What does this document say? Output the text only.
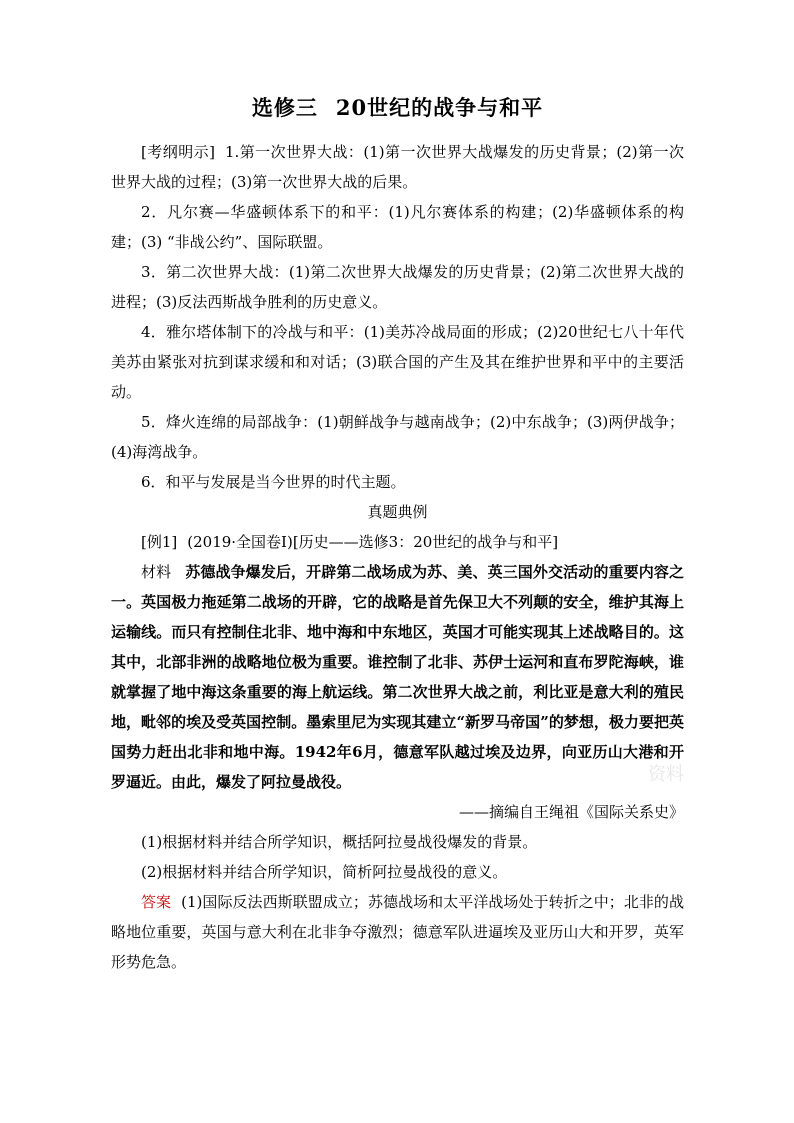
选修三 20世纪的战争与和平

[考纲明示] 1.第一次世界大战：(1)第一次世界大战爆发的历史背景；(2)第一次世界大战的过程；(3)第一次世界大战的后果。

2．凡尔赛—华盛顿体系下的和平：(1)凡尔赛体系的构建；(2)华盛顿体系的构建；(3) “非战公约”、国际联盟。

3．第二次世界大战：(1)第二次世界大战爆发的历史背景；(2)第二次世界大战的进程；(3)反法西斯战争胜利的历史意义。

4．雅尔塔体制下的冷战与和平：(1)美苏冷战局面的形成；(2)20世纪七八十年代美苏由紧张对抗到谋求缓和和对话；(3)联合国的产生及其在维护世界和平中的主要活动。

5．烽火连绵的局部战争：(1)朝鲜战争与越南战争；(2)中东战争；(3)两伊战争；(4)海湾战争。

6．和平与发展是当今世界的时代主题。

真题典例

[例1] (2019·全国卷Ⅰ)[历史——选修3：20世纪的战争与和平]

材料 苏德战争爆发后，开辟第二战场成为苏、美、英三国外交活动的重要内容之一。英国极力拖延第二战场的开辟，它的战略是首先保卫大不列颠的安全，维护其海上运输线。而只有控制住北非、地中海和中东地区，英国才可能实现其上述战略目的。这其中，北部非洲的战略地位极为重要。谁控制了北非、苏伊士运河和直布罗陀海峡，谁就掌握了地中海这条重要的海上航运线。第二次世界大战之前，利比亚是意大利的殖民地，毗邻的埃及受英国控制。墨索里尼为实现其建立“新罗马帝国”的梦想，极力要把英国势力赶出北非和地中海。1942年6月，德意军队越过埃及边界，向亚历山大港和开罗逼近。由此，爆发了阿拉曼战役。

——摘编自王绳祖《国际关系史》

(1)根据材料并结合所学知识，概括阿拉曼战役爆发的背景。

(2)根据材料并结合所学知识，简析阿拉曼战役的意义。

答案 (1)国际反法西斯联盟成立；苏德战场和太平洋战场处于转折之中；北非的战略地位重要，英国与意大利在北非争夺激烈；德意军队进逼埃及亚历山大和开罗，英军形势危急。

资料
